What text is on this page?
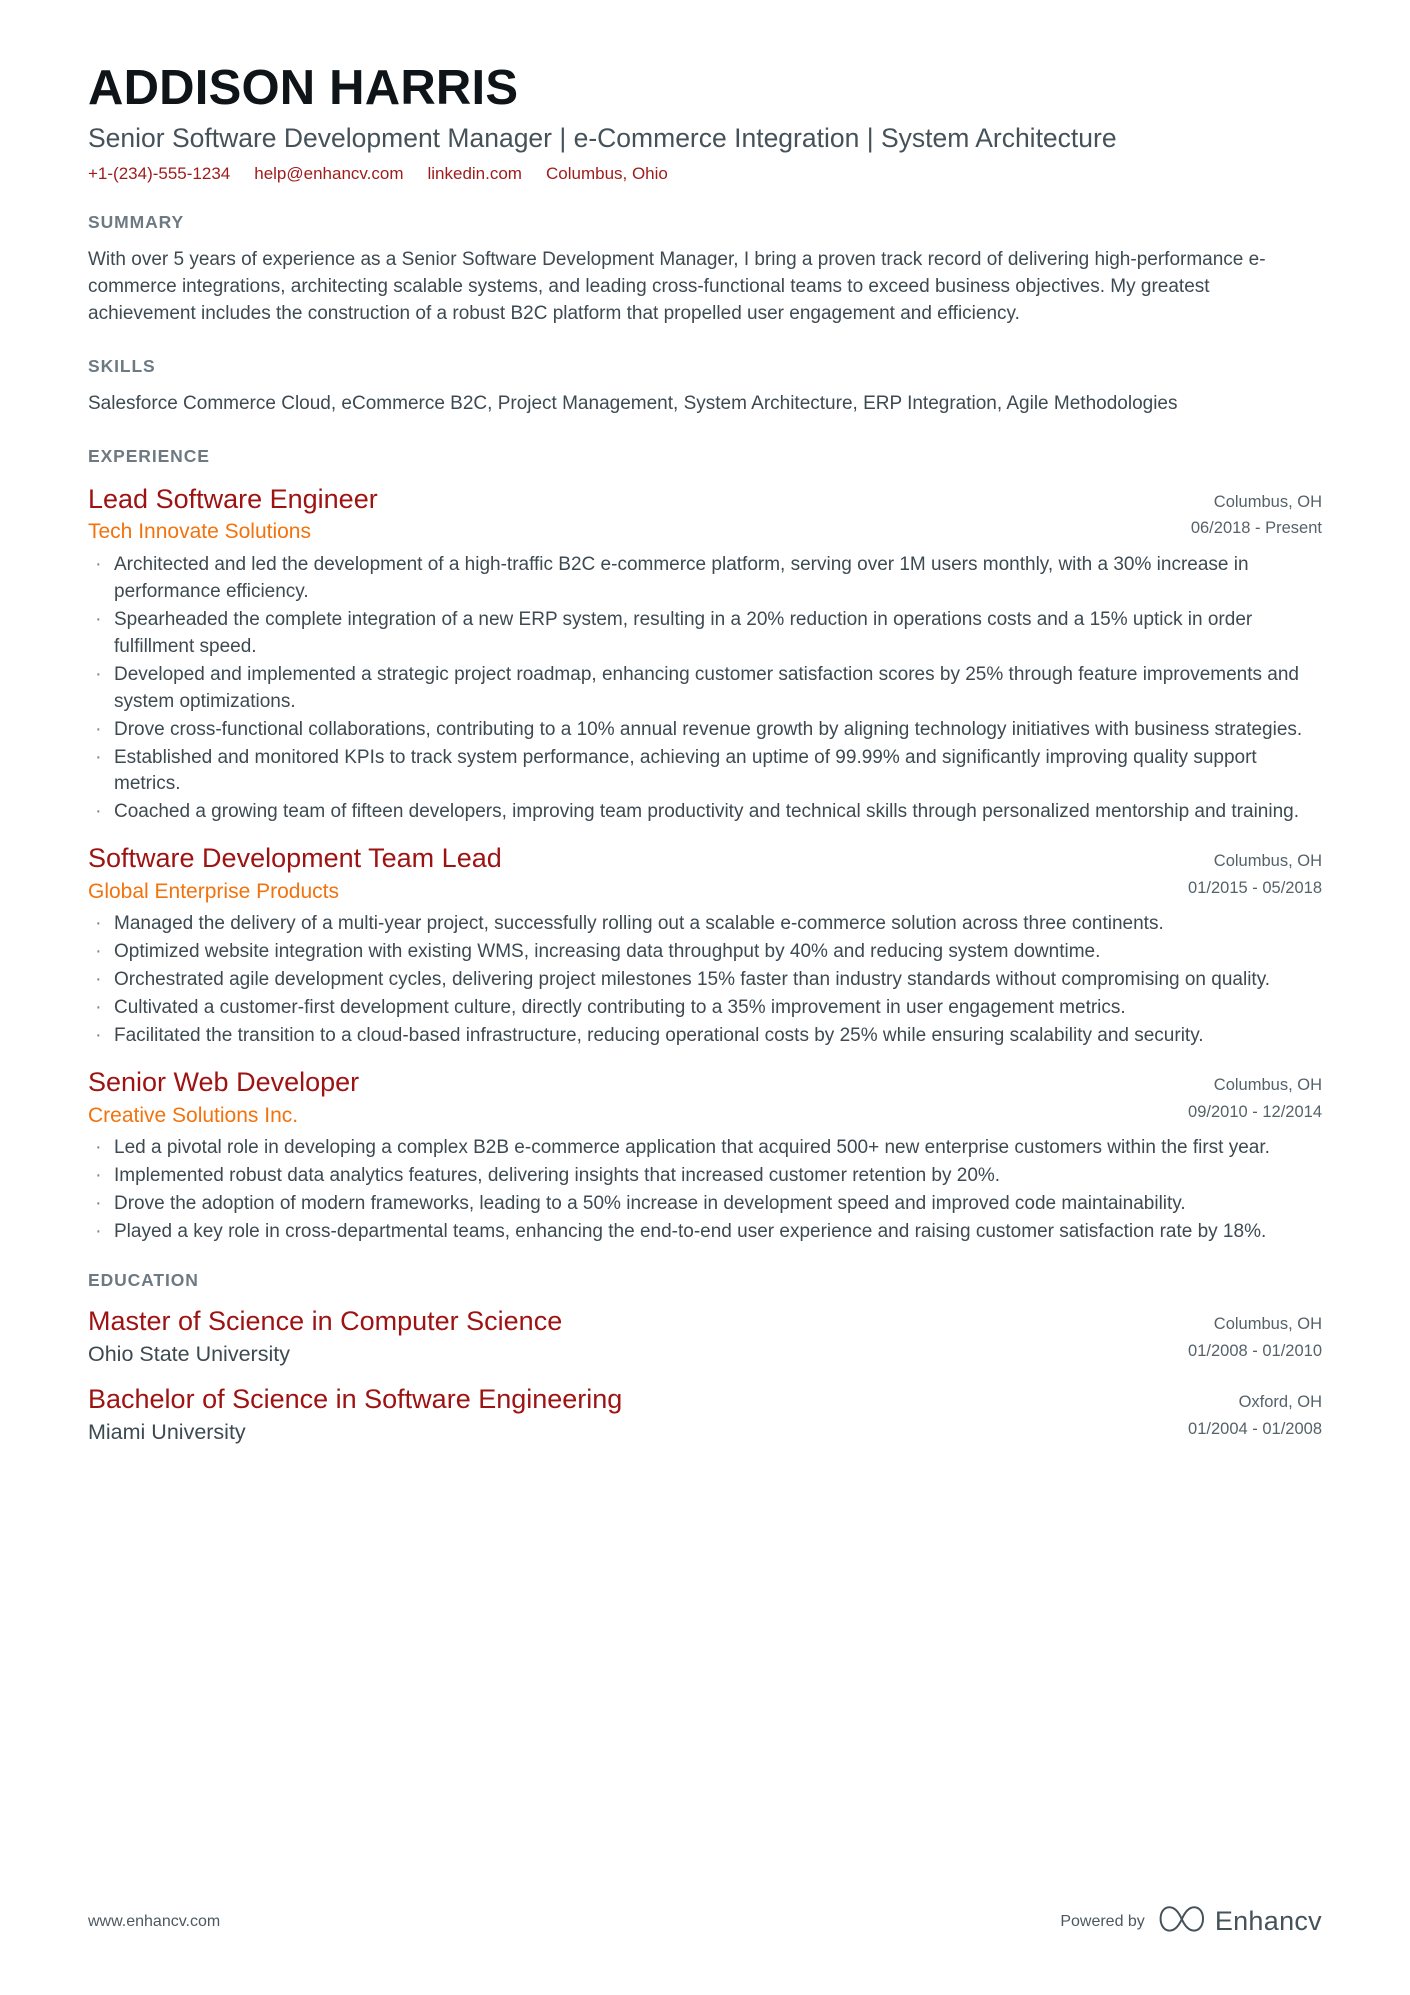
ADDISON HARRIS
Senior Software Development Manager | e-Commerce Integration | System Architecture
+1-(234)-555-1234 help@enhancv.com linkedin.com Columbus, Ohio
SUMMARY

With over 5 years of experience as a Senior Software Development Manager, I bring a proven track record of delivering high-performance e-commerce integrations, architecting scalable systems, and leading cross-functional teams to exceed business objectives. My greatest achievement includes the construction of a robust B2C platform that propelled user engagement and efficiency.

SKILLS

Salesforce Commerce Cloud, eCommerce B2C, Project Management, System Architecture, ERP Integration, Agile Methodologies

EXPERIENCE
Lead Software Engineer
Tech Innovate Solutions
Columbus, OH
06/2018 - Present
· Architected and led the development of a high-traffic B2C e-commerce platform, serving over 1M users monthly, with a 30% increase in performance efficiency.
· Spearheaded the complete integration of a new ERP system, resulting in a 20% reduction in operations costs and a 15% uptick in order fulfillment speed.
· Developed and implemented a strategic project roadmap, enhancing customer satisfaction scores by 25% through feature improvements and system optimizations.
· Drove cross-functional collaborations, contributing to a 10% annual revenue growth by aligning technology initiatives with business strategies.
· Established and monitored KPIs to track system performance, achieving an uptime of 99.99% and significantly improving quality support metrics.
· Coached a growing team of fifteen developers, improving team productivity and technical skills through personalized mentorship and training.
Software Development Team Lead
Global Enterprise Products
Columbus, OH
01/2015 - 05/2018
· Managed the delivery of a multi-year project, successfully rolling out a scalable e-commerce solution across three continents.
· Optimized website integration with existing WMS, increasing data throughput by 40% and reducing system downtime.
· Orchestrated agile development cycles, delivering project milestones 15% faster than industry standards without compromising on quality.
· Cultivated a customer-first development culture, directly contributing to a 35% improvement in user engagement metrics.
· Facilitated the transition to a cloud-based infrastructure, reducing operational costs by 25% while ensuring scalability and security.
Senior Web Developer
Creative Solutions Inc.
Columbus, OH
09/2010 - 12/2014
· Led a pivotal role in developing a complex B2B e-commerce application that acquired 500+ new enterprise customers within the first year.
· Implemented robust data analytics features, delivering insights that increased customer retention by 20%.
· Drove the adoption of modern frameworks, leading to a 50% increase in development speed and improved code maintainability.
· Played a key role in cross-departmental teams, enhancing the end-to-end user experience and raising customer satisfaction rate by 18%.
EDUCATION
Master of Science in Computer Science
Ohio State University
Columbus, OH
01/2008 - 01/2010
Bachelor of Science in Software Engineering
Miami University
Oxford, OH
01/2004 - 01/2008
www.enhancv.com	Powered by	Enhancv
